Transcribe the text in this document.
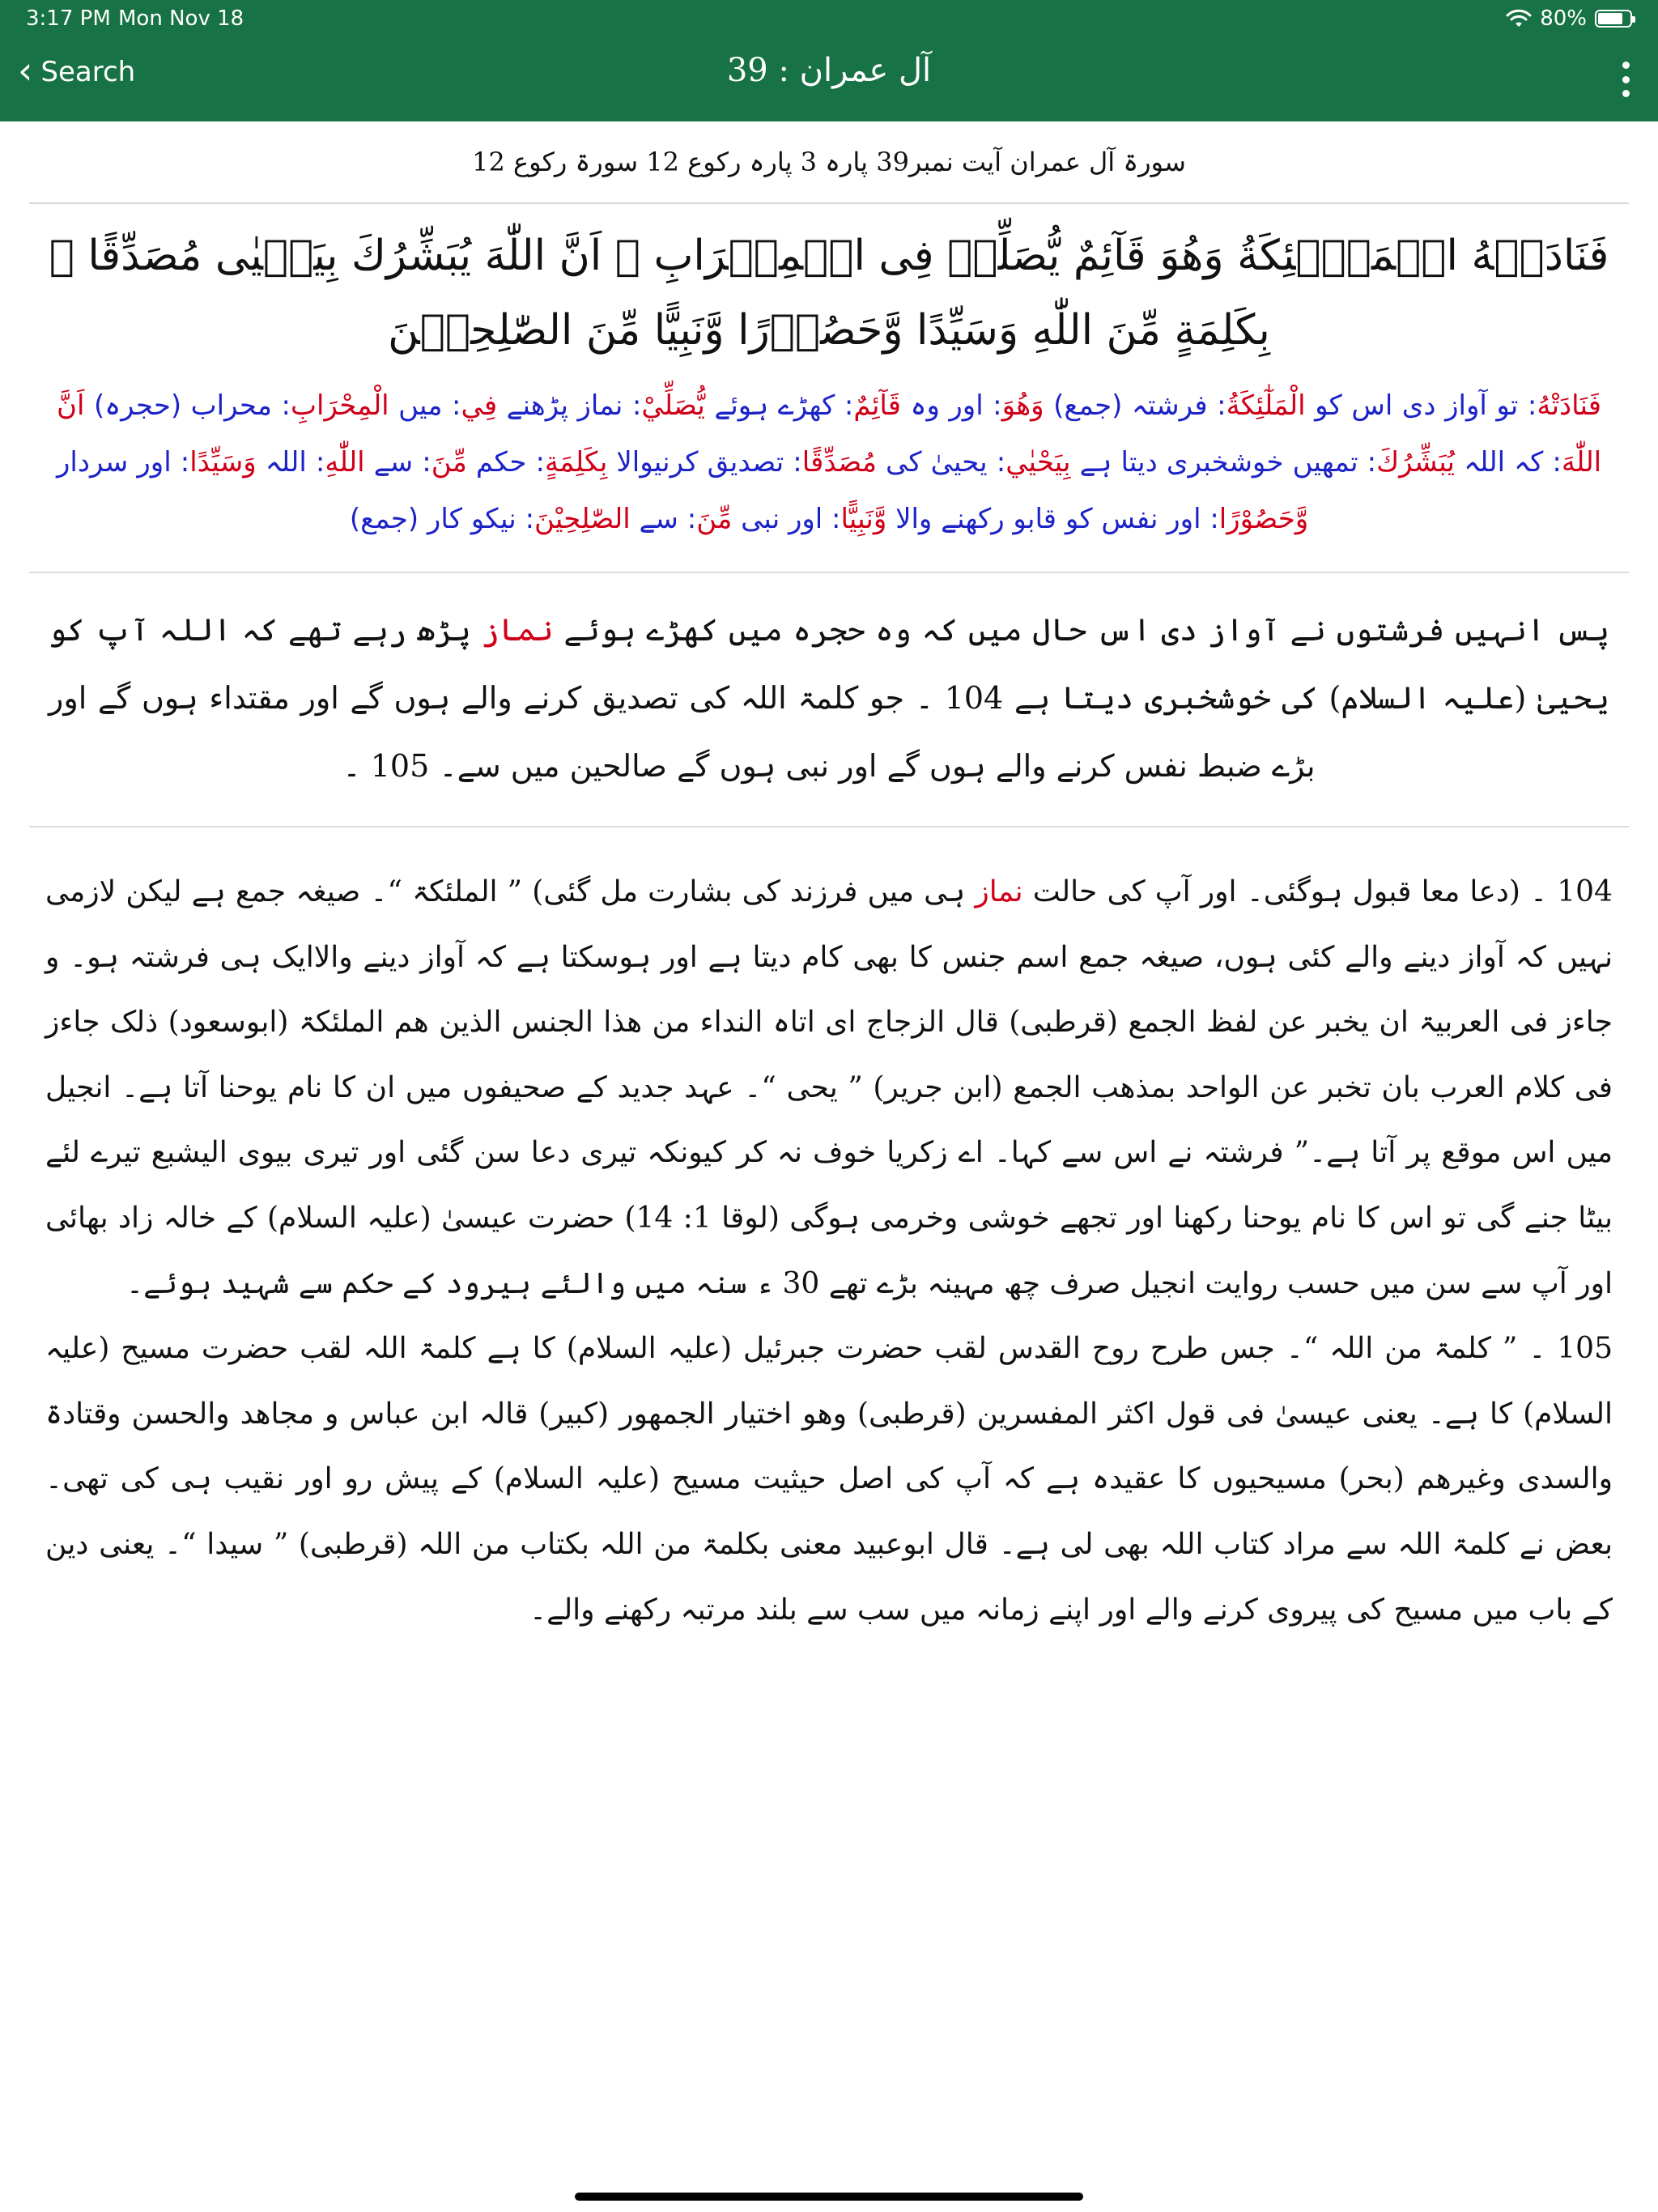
3:17 PM Mon Nov 18	80%
‹ Search	آل عمران : 39
سورۃ آل عمران آیت نمبر39 پارہ 3 پارہ رکوع 12 سورۃ رکوع 12
فَنَادَتۡهُ الۡمَلٰۤئِكَةُ وَهُوَ قَآئِمٌ يُّصَلِّىۡ فِى الۡمِحۡرَابِ ۙ اَنَّ اللّٰهَ يُبَشِّرُكَ بِيَحۡيٰى مُصَدِّقًا ۢ بِكَلِمَةٍ مِّنَ اللّٰهِ وَسَيِّدًا وَّحَصُوۡرًا وَّنَبِيًّا مِّنَ الصّٰلِحِيۡنَ
فَنَادَتْهُ: تو آواز دی اس کو الْمَلٰٓئِكَةُ: فرشتہ (جمع) وَهُوَ: اور وہ قَآئِمٌ: کھڑے ہوئے يُّصَلِّيْ: نماز پڑھنے فِي: میں الْمِحْرَابِ: محراب (حجرہ) اَنَّ اللّٰهَ: کہ اللہ يُبَشِّرُكَ: تمھیں خوشخبری دیتا ہے بِيَحْيٰي: یحییٰ کی مُصَدِّقًا: تصدیق کرنیوالا بِكَلِمَةٍ: حکم مِّنَ: سے اللّٰهِ: اللہ وَسَيِّدًا: اور سردار وَّحَصُوْرًا: اور نفس کو قابو رکھنے والا وَّنَبِيًّا: اور نبی مِّنَ: سے الصّٰلِحِيْنَ: نیکو کار (جمع)
پس انہیں فرشتوں نے آواز دی اس حال میں کہ وہ حجرہ میں کھڑے ہوئے نماز پڑھ رہے تھے کہ اللہ آپ کو یحییٰ (علیہ السلام) کی خوشخبری دیتا ہے 104 ۔ جو کلمۃ اللہ کی تصدیق کرنے والے ہوں گے اور مقتداء ہوں گے اور بڑے ضبط نفس کرنے والے ہوں گے اور نبی ہوں گے صالحین میں سے۔ 105 ۔
104 ۔ (دعا معا قبول ہوگئی۔ اور آپ کی حالت نماز ہی میں فرزند کی بشارت مل گئی) ” الملئکۃ “۔ صیغہ جمع ہے لیکن لازمی نہیں کہ آواز دینے والے کئی ہوں، صیغہ جمع اسم جنس کا بھی کام دیتا ہے اور ہوسکتا ہے کہ آواز دینے والاایک ہی فرشتہ ہو۔ و جاءز فی العربیۃ ان یخبر عن لفظ الجمع (قرطبی) قال الزجاج ای اتاہ النداء من ھذا الجنس الذین ھم الملئکۃ (ابوسعود) ذلک جاءز فی کلام العرب بان تخبر عن الواحد بمذھب الجمع (ابن جریر) ” یحی “۔ عہد جدید کے صحیفوں میں ان کا نام یوحنا آتا ہے۔ انجیل میں اس موقع پر آتا ہے۔” فرشتہ نے اس سے کہا۔ اے زکریا خوف نہ کر کیونکہ تیری دعا سن گئی اور تیری بیوی الیشبع تیرے لئے بیٹا جنے گی تو اس کا نام یوحنا رکھنا اور تجھے خوشی وخرمی ہوگی (لوقا 1: 14) حضرت عیسیٰ (علیہ السلام) کے خالہ زاد بھائی اور آپ سے سن میں حسب روایت انجیل صرف چھ مہینہ بڑے تھے 30 ء سنہ میں والئے ہیرود کے حکم سے شہید ہوئے۔
105 ۔ ” کلمۃ من اللہ “۔ جس طرح روح القدس لقب حضرت جبرئیل (علیہ السلام) کا ہے کلمۃ اللہ لقب حضرت مسیح (علیہ السلام) کا ہے۔ یعنی عیسیٰ فی قول اکثر المفسرین (قرطبی) وھو اختیار الجمھور (کبیر) قالہ ابن عباس و مجاھد والحسن وقتادۃ والسدی وغیرھم (بحر) مسیحیوں کا عقیدہ ہے کہ آپ کی اصل حیثیت مسیح (علیہ السلام) کے پیش رو اور نقیب ہی کی تھی۔ بعض نے کلمۃ اللہ سے مراد کتاب اللہ بھی لی ہے۔ قال ابوعبید معنی بکلمۃ من اللہ بکتاب من اللہ (قرطبی) ” سیدا “۔ یعنی دین کے باب میں مسیح کی پیروی کرنے والے اور اپنے زمانہ میں سب سے بلند مرتبہ رکھنے والے۔
